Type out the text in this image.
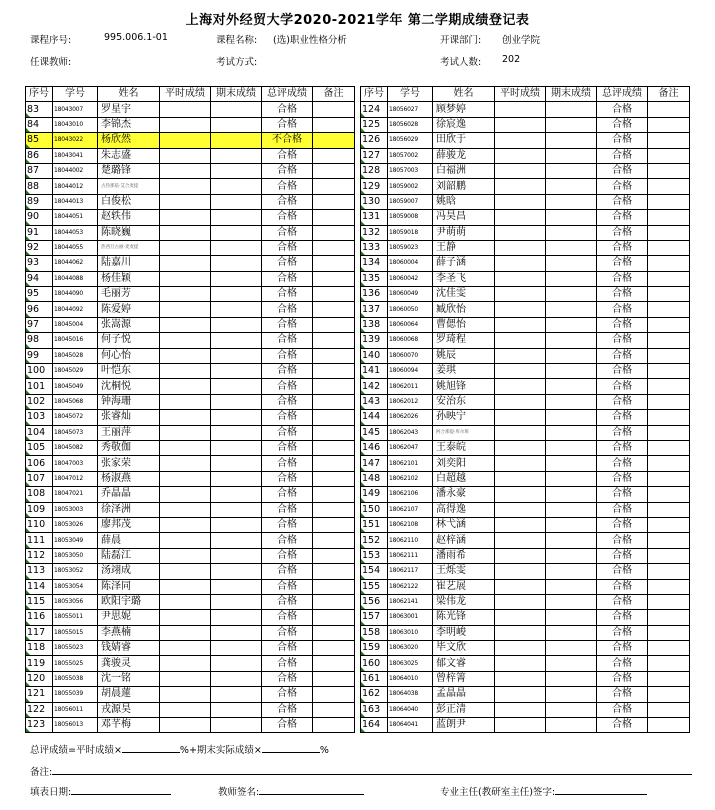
上海对外经贸大学2020-2021学年 第二学期成绩登记表
课程序号:	995.006.1-01	课程名称: (选)职业性格分析	开课部门: 创业学院
任课教师:	考试方式:	考试人数: 202
序号	学号	姓名	平时成绩	期末成绩	总评成绩	备注
83	18043007	罗星宇			合格	
84	18043010	李锦杰			合格	
85	18043022	杨欣然			不合格	
86	18043041	朱志盛			合格	
87	18044002	楚璐锋			合格	
88	18044012	古热那依·艾合麦提			合格	
89	18044013	白俊松			合格	
90	18044051	赵轶伟			合格	
91	18044053	陈晓巍			合格	
92	18044055	热西旦古丽·麦麦提			合格	
93	18044062	陆嘉川			合格	
94	18044088	杨佳颖			合格	
95	18044090	毛丽芳			合格	
96	18044092	陈爱婷			合格	
97	18045004	张嵩源			合格	
98	18045016	何子悦			合格	
99	18045028	何心怡			合格	
100	18045029	叶恺东			合格	
101	18045049	沈桐悦			合格	
102	18045068	钟海珊			合格	
103	18045072	张睿灿			合格	
104	18045073	王丽萍			合格	
105	18045082	秀敬伽			合格	
106	18047003	张家荣			合格	
107	18047012	杨淑燕			合格	
108	18047021	乔晶晶			合格	
109	18053003	徐泽洲			合格	
110	18053026	廖邦茂			合格	
111	18053049	薛晨			合格	
112	18053050	陆磊江			合格	
113	18053052	汤翊成			合格	
114	18053054	陈泽同			合格	
115	18053056	欧阳宇璐			合格	
116	18055011	尹思妮			合格	
117	18055015	李燕楠			合格	
118	18055023	钱婧睿			合格	
119	18055025	龚骏灵			合格	
120	18055038	沈一铭			合格	
121	18055039	胡晨蓮			合格	
122	18056011	戎源昊			合格	
123	18056013	邓芊梅			合格	
序号	学号	姓名	平时成绩	期末成绩	总评成绩	备注
124	18056027	顾梦婷			合格	
125	18056028	徐宸逸			合格	
126	18056029	田欣于			合格	
127	18057002	薛骏龙			合格	
128	18057003	白福洲			合格	
129	18059002	刘韶鹏			合格	
130	18059007	姚晗			合格	
131	18059008	冯昊昌			合格	
132	18059018	尹萌萌			合格	
133	18059023	王静			合格	
134	18060004	薛子涵			合格	
135	18060042	李圣飞			合格	
136	18060049	沈佳雯			合格	
137	18060050	臧欣怡			合格	
138	18060064	曹偲怡			合格	
139	18060068	罗琦程			合格	
140	18060070	姚辰			合格	
141	18060094	姜琪			合格	
142	18062011	姚旭锋			合格	
143	18062012	安治东			合格	
144	18062026	孙映宁			合格	
145	18062043	阿合那提·库尔班			合格	
146	18062047	王泰皖			合格	
147	18062101	刘奕阳			合格	
148	18062102	白超越			合格	
149	18062106	潘永豪			合格	
150	18062107	高得逸			合格	
151	18062108	林弋涵			合格	
152	18062110	赵梓涵			合格	
153	18062111	潘雨希			合格	
154	18062117	王烁雯			合格	
155	18062122	崔艺展			合格	
156	18062141	梁伟龙			合格	
157	18063001	陈光锋			合格	
158	18063010	李明峻			合格	
159	18063020	毕文欣			合格	
160	18063025	郁文睿			合格	
161	18064010	曾梓箐			合格	
162	18064038	孟晶晶			合格	
163	18064040	彭正清			合格	
164	18064041	蓝朗尹			合格	
总评成绩=平时成绩×	%+期末实际成绩×	%
备注:
填表日期:	教师签名:	专业主任(教研室主任)签字:
